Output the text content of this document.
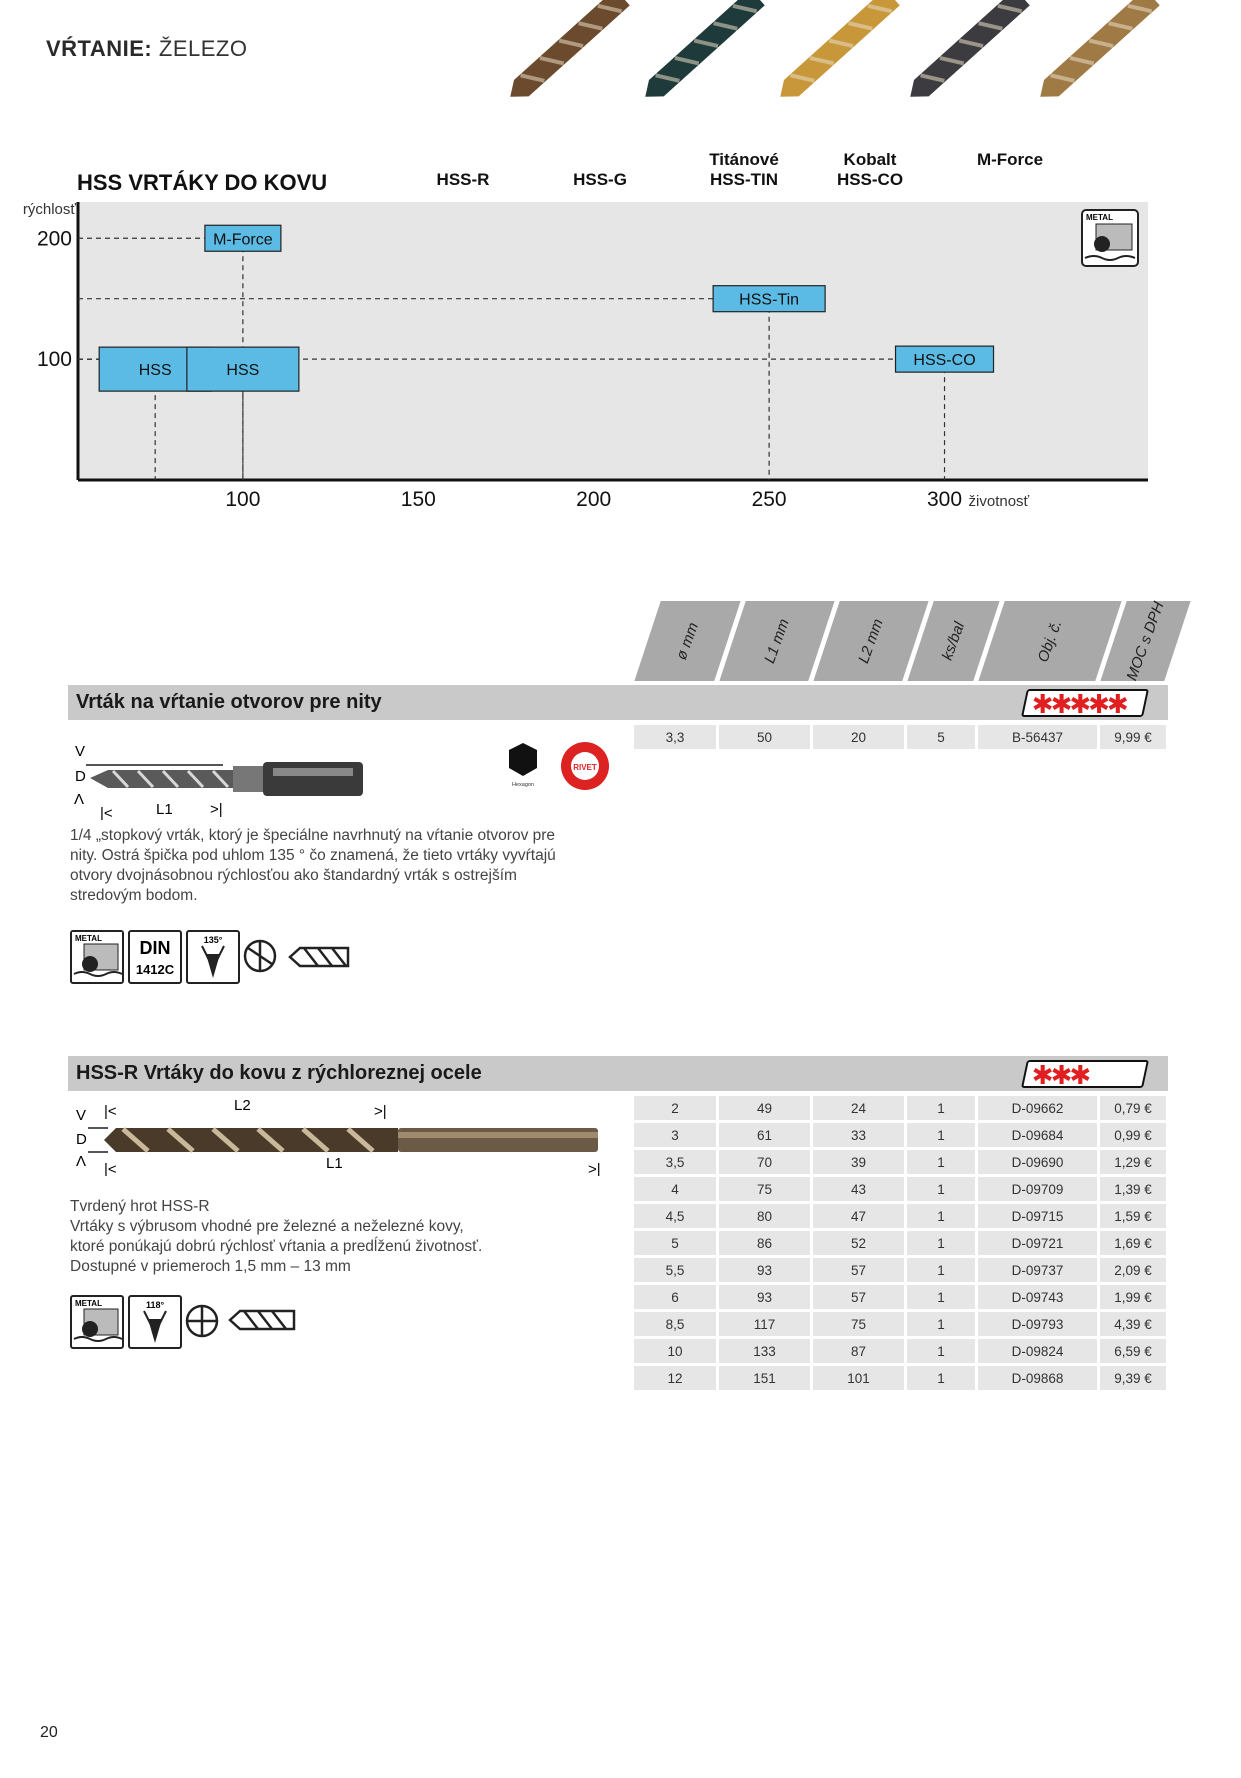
VŔTANIE: ŽELEZO
HSS-R	HSS-G
Titánové
HSS-TIN
Kobalt
HSS-CO
M-Force
HSS VRTÁKY DO KOVU
rýchlosť
100
200
100	150	200	250	300 životnosť
HSS	HSS
M-Force
HSS-Tin
HSS-CO
METAL
ø mm	L1 mm	L2 mm	ks/bal	Obj. č.	MOC s DPH
Vrták na vŕtanie otvorov pre nity	✱✱✱✱✱
V
D
Λ
|<	L1 >|
Hexagon
RIVET
1/4 „stopkový vrták, ktorý je špeciálne navrhnutý na vŕtanie otvorov pre
nity. Ostrá špička pod uhlom 135 ° čo znamená, že tieto vrtáky vyvŕtajú
otvory dvojnásobnou rýchlosťou ako štandardný vrták s ostrejším
stredovým bodom.
METAL DIN
1412C
135°
3,3	50	20	5	B-56437	9,99 €
HSS-R Vrtáky do kovu z rýchloreznej ocele	✱✱✱
V
D
Λ
|<	L2	>|
|<	L1	>|
Tvrdený hrot HSS-R
Vrtáky s výbrusom vhodné pre železné a neželezné kovy,
ktoré ponúkajú dobrú rýchlosť vŕtania a predĺženú životnosť.
Dostupné v priemeroch 1,5 mm – 13 mm
METAL	118°
2	49	24	1	D-09662	0,79 €
3	61	33	1	D-09684	0,99 €
3,5	70	39	1	D-09690	1,29 €
4	75	43	1	D-09709	1,39 €
4,5	80	47	1	D-09715	1,59 €
5	86	52	1	D-09721	1,69 €
5,5	93	57	1	D-09737	2,09 €
6	93	57	1	D-09743	1,99 €
8,5	117	75	1	D-09793	4,39 €
10	133	87	1	D-09824	6,59 €
12	151	101	1	D-09868	9,39 €
20
